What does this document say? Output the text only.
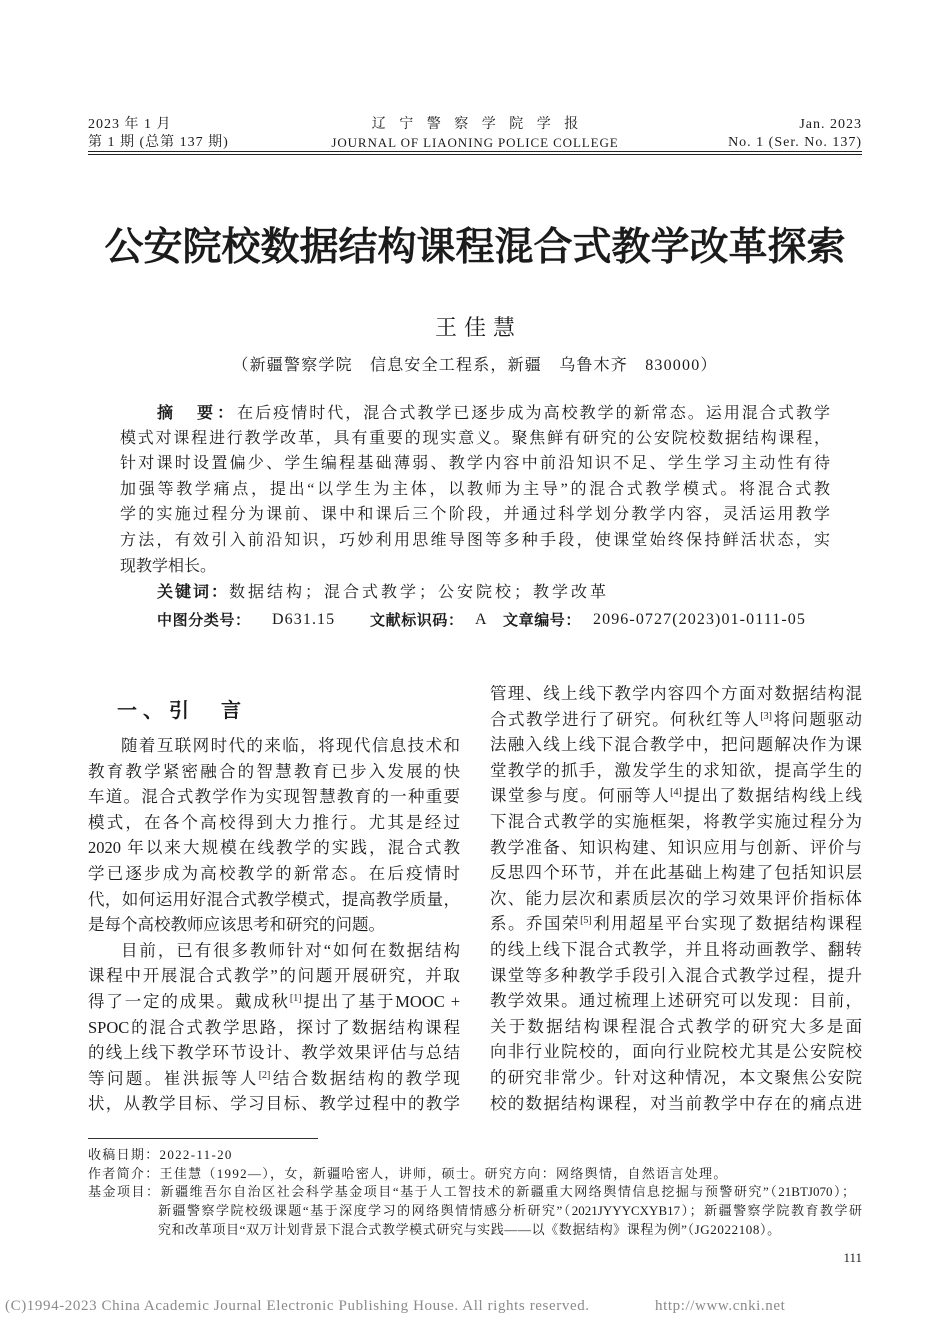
2023 年 1 月
第 1 期 (总第 137 期)
辽 宁 警 察 学 院 学 报
JOURNAL OF LIAONING POLICE COLLEGE
Jan. 2023
No. 1 (Ser. No. 137)
公安院校数据结构课程混合式教学改革探索
王佳慧
（新疆警察学院　信息安全工程系，新疆　乌鲁木齐　830000）
摘　要：在后疫情时代，混合式教学已逐步成为高校教学的新常态。运用混合式教学
模式对课程进行教学改革，具有重要的现实意义。聚焦鲜有研究的公安院校数据结构课程，
针对课时设置偏少、学生编程基础薄弱、教学内容中前沿知识不足、学生学习主动性有待
加强等教学痛点，提出“以学生为主体，以教师为主导”的混合式教学模式。将混合式教
学的实施过程分为课前、课中和课后三个阶段，并通过科学划分教学内容，灵活运用教学
方法，有效引入前沿知识，巧妙利用思维导图等多种手段，使课堂始终保持鲜活状态，实
现教学相长。
关键词：数据结构；混合式教学；公安院校；教学改革
中图分类号： D631.15 文献标识码： A 文章编号： 2096-0727(2023)01-0111-05
一、引　言
随着互联网时代的来临，将现代信息技术和
教育教学紧密融合的智慧教育已步入发展的快
车道。混合式教学作为实现智慧教育的一种重要
模式，在各个高校得到大力推行。尤其是经过
2020 年以来大规模在线教学的实践，混合式教
学已逐步成为高校教学的新常态。在后疫情时
代，如何运用好混合式教学模式，提高教学质量，
是每个高校教师应该思考和研究的问题。
目前，已有很多教师针对“如何在数据结构
课程中开展混合式教学”的问题开展研究，并取
得了一定的成果。戴成秋[1]提出了基于MOOC +
SPOC的混合式教学思路，探讨了数据结构课程
的线上线下教学环节设计、教学效果评估与总结
等问题。崔洪振等人[2]结合数据结构的教学现
状，从教学目标、学习目标、教学过程中的教学
管理、线上线下教学内容四个方面对数据结构混
合式教学进行了研究。何秋红等人[3]将问题驱动
法融入线上线下混合教学中，把问题解决作为课
堂教学的抓手，激发学生的求知欲，提高学生的
课堂参与度。何丽等人[4]提出了数据结构线上线
下混合式教学的实施框架，将教学实施过程分为
教学准备、知识构建、知识应用与创新、评价与
反思四个环节，并在此基础上构建了包括知识层
次、能力层次和素质层次的学习效果评价指标体
系。乔国荣[5]利用超星平台实现了数据结构课程
的线上线下混合式教学，并且将动画教学、翻转
课堂等多种教学手段引入混合式教学过程，提升
教学效果。通过梳理上述研究可以发现：目前，
关于数据结构课程混合式教学的研究大多是面
向非行业院校的，面向行业院校尤其是公安院校
的研究非常少。针对这种情况，本文聚焦公安院
校的数据结构课程，对当前教学中存在的痛点进
收稿日期：2022-11-20
作者简介：王佳慧（1992—），女，新疆哈密人，讲师，硕士。研究方向：网络舆情，自然语言处理。
基金项目：新疆维吾尔自治区社会科学基金项目“基于人工智技术的新疆重大网络舆情信息挖掘与预警研究”（21BTJ070）；
新疆警察学院校级课题“基于深度学习的网络舆情情感分析研究”（2021JYYYCXYB17）；新疆警察学院教育教学研
究和改革项目“双万计划背景下混合式教学模式研究与实践——以《数据结构》课程为例”（JG2022108）。
111
(C)1994-2023 China Academic Journal Electronic Publishing House. All rights reserved.	http://www.cnki.net
